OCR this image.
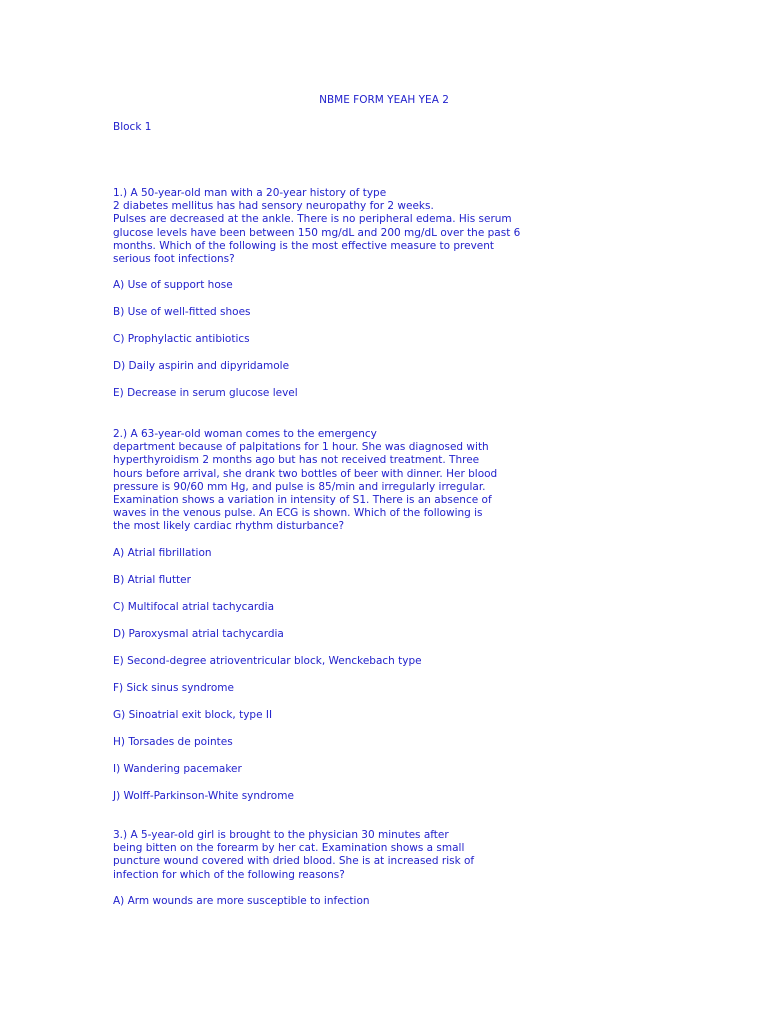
NBME FORM YEAH YEA 2
Block 1

1.) A 50-year-old man with a 20-year history of type

2 diabetes mellitus has had sensory neuropathy for 2 weeks.

Pulses are decreased at the ankle. There is no peripheral edema. His serum

glucose levels have been between 150 mg/dL and 200 mg/dL over the past 6

months. Which of the following is the most effective measure to prevent

serious foot infections?

A) Use of support hose
B) Use of well-fitted shoes
C) Prophylactic antibiotics
D) Daily aspirin and dipyridamole
E) Decrease in serum glucose level

2.) A 63-year-old woman comes to the emergency

department because of palpitations for 1 hour. She was diagnosed with

hyperthyroidism 2 months ago but has not received treatment. Three

hours before arrival, she drank two bottles of beer with dinner. Her blood

pressure is 90/60 mm Hg, and pulse is 85/min and irregularly irregular.

Examination shows a variation in intensity of S1. There is an absence of

waves in the venous pulse. An ECG is shown. Which of the following is

the most likely cardiac rhythm disturbance?

A) Atrial fibrillation
B) Atrial flutter
C) Multifocal atrial tachycardia
D) Paroxysmal atrial tachycardia
E) Second-degree atrioventricular block, Wenckebach type
F) Sick sinus syndrome
G) Sinoatrial exit block, type II
H) Torsades de pointes
I) Wandering pacemaker
J) Wolff-Parkinson-White syndrome

3.) A 5-year-old girl is brought to the physician 30 minutes after

being bitten on the forearm by her cat. Examination shows a small

puncture wound covered with dried blood. She is at increased risk of

infection for which of the following reasons?

A) Arm wounds are more susceptible to infection
